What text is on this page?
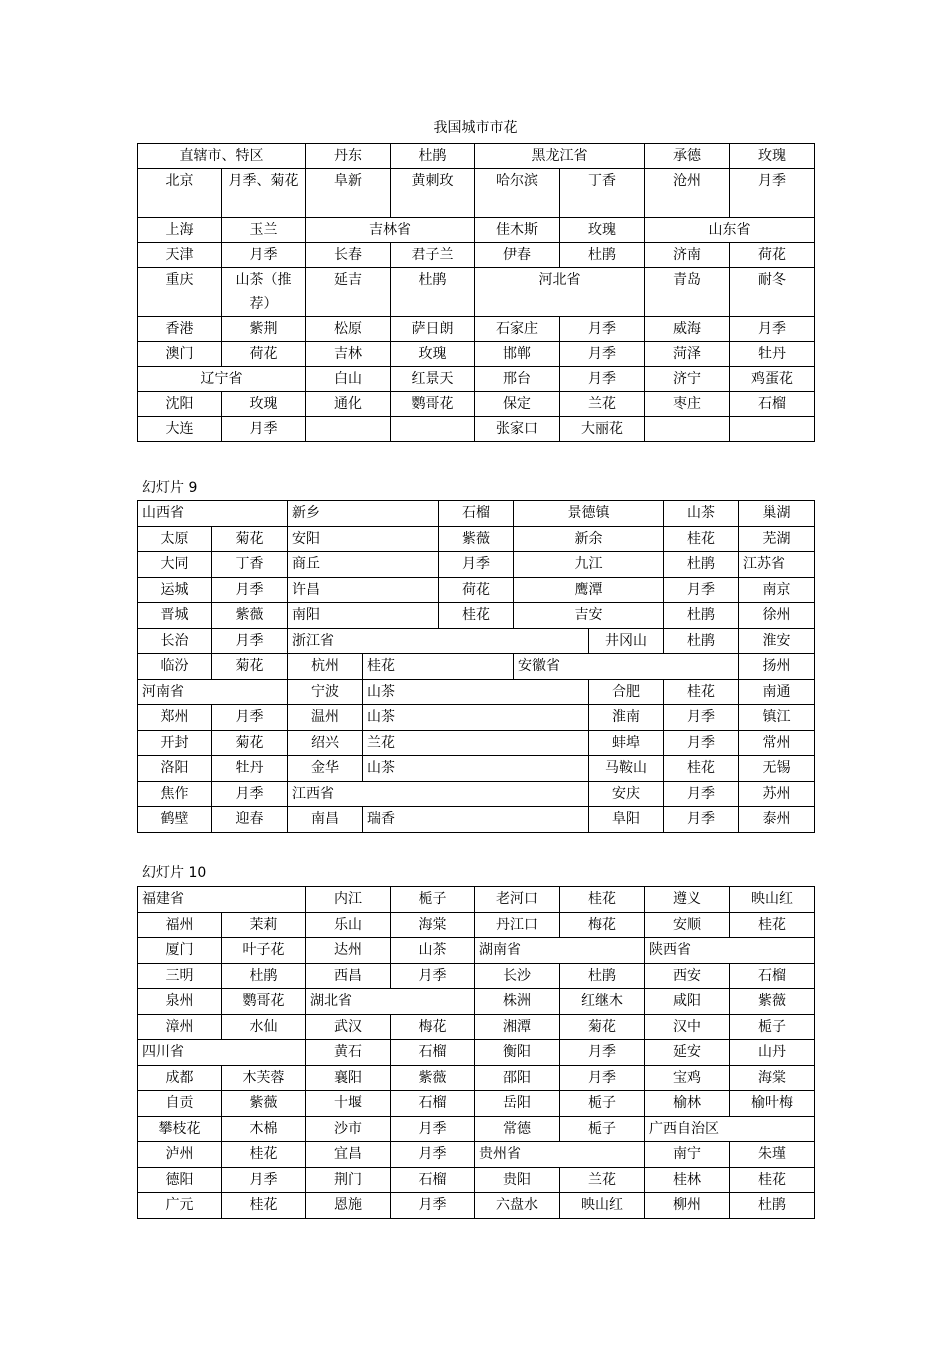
我国城市市花
直辖市、特区		丹东	杜鹃	黑龙江省		承德	玫瑰
北京	月季、菊花	阜新	黄刺玫	哈尔滨	丁香	沧州	月季
上海	玉兰	吉林省		佳木斯	玫瑰	山东省	
天津	月季	长春	君子兰	伊春	杜鹃	济南	荷花
重庆	山茶（推荐）	延吉	杜鹃	河北省		青岛	耐冬
香港	紫荆	松原	萨日朗	石家庄	月季	威海	月季
澳门	荷花	吉林	玫瑰	邯郸	月季	菏泽	牡丹
辽宁省		白山	红景天	邢台	月季	济宁	鸡蛋花
沈阳	玫瑰	通化	鹦哥花	保定	兰花	枣庄	石榴
大连	月季			张家口	大丽花		
幻灯片 9
山西省		新乡		石榴	景德镇		山茶	巢湖	
太原	菊花	安阳		紫薇	新余		桂花	芜湖	
大同	丁香	商丘		月季	九江		杜鹃	江苏省	
运城	月季	许昌		荷花	鹰潭		月季	南京	
晋城	紫薇	南阳		桂花	吉安		杜鹃	徐州	
长治	月季	浙江省				井冈山	杜鹃	淮安	
临汾	菊花	杭州	桂花		安徽省			扬州	
河南省		宁波	山茶			合肥	桂花	南通	
郑州	月季	温州	山茶			淮南	月季	镇江	
开封	菊花	绍兴	兰花			蚌埠	月季	常州	
洛阳	牡丹	金华	山茶			马鞍山	桂花	无锡	
焦作	月季	江西省				安庆	月季	苏州	
鹤壁	迎春	南昌	瑞香			阜阳	月季	泰州	
幻灯片 10
福建省		内江	栀子	老河口	桂花	遵义	映山红
福州	茉莉	乐山	海棠	丹江口	梅花	安顺	桂花
厦门	叶子花	达州	山茶	湖南省		陕西省	
三明	杜鹃	西昌	月季	长沙	杜鹃	西安	石榴
泉州	鹦哥花	湖北省		株洲	红继木	咸阳	紫薇
漳州	水仙	武汉	梅花	湘潭	菊花	汉中	栀子
四川省		黄石	石榴	衡阳	月季	延安	山丹
成都	木芙蓉	襄阳	紫薇	邵阳	月季	宝鸡	海棠
自贡	紫薇	十堰	石榴	岳阳	栀子	榆林	榆叶梅
攀枝花	木棉	沙市	月季	常德	栀子	广西自治区	
泸州	桂花	宜昌	月季	贵州省		南宁	朱瑾
德阳	月季	荆门	石榴	贵阳	兰花	桂林	桂花
广元	桂花	恩施	月季	六盘水	映山红	柳州	杜鹃
